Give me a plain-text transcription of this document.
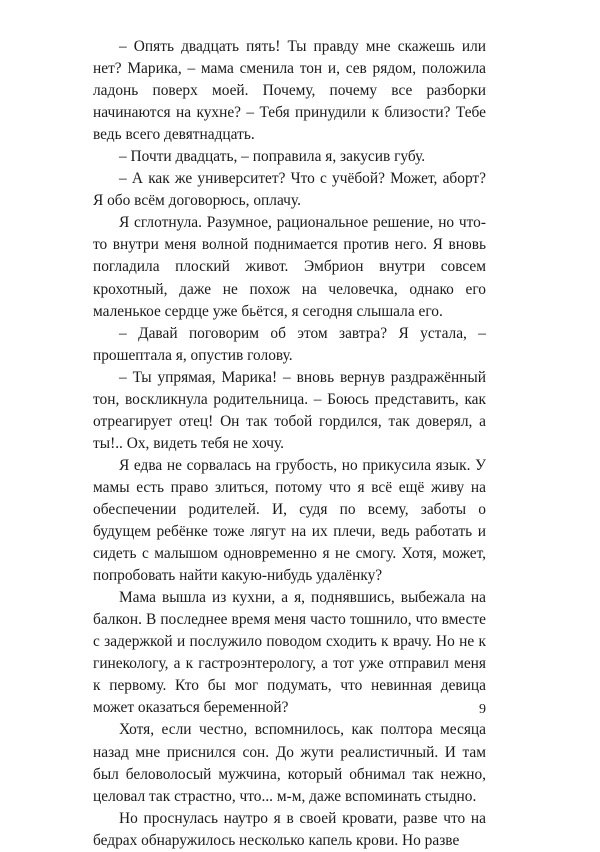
– Опять двадцать пять! Ты правду мне скажешь или нет? Марика, – мама сменила тон и, сев рядом, положила ладонь поверх моей. Почему, почему все разборки начинаются на кухне? – Тебя принудили к близости? Тебе ведь всего девятнадцать.

– Почти двадцать, – поправила я, закусив губу.

– А как же университет? Что с учёбой? Может, аборт? Я обо всём договорюсь, оплачу.

Я сглотнула. Разумное, рациональное решение, но что-то внутри меня волной поднимается против него. Я вновь погладила плоский живот. Эмбрион внутри совсем крохотный, даже не похож на человечка, однако его маленькое сердце уже бьётся, я сегодня слышала его.

– Давай поговорим об этом завтра? Я устала, – прошептала я, опустив голову.

– Ты упрямая, Марика! – вновь вернув раздражённый тон, воскликнула родительница. – Боюсь представить, как отреагирует отец! Он так тобой гордился, так доверял, а ты!.. Ох, видеть тебя не хочу.

Я едва не сорвалась на грубость, но прикусила язык. У мамы есть право злиться, потому что я всё ещё живу на обеспечении родителей. И, судя по всему, заботы о будущем ребёнке тоже лягут на их плечи, ведь работать и сидеть с малышом одновременно я не смогу. Хотя, может, попробовать найти какую-нибудь удалёнку?

Мама вышла из кухни, а я, поднявшись, выбежала на балкон. В последнее время меня часто тошнило, что вместе с задержкой и послужило поводом сходить к врачу. Но не к гинекологу, а к гастроэнтерологу, а тот уже отправил меня к первому. Кто бы мог подумать, что невинная девица может оказаться беременной?

Хотя, если честно, вспомнилось, как полтора месяца назад мне приснился сон. До жути реалистичный. И там был беловолосый мужчина, который обнимал так нежно, целовал так страстно, что... м-м, даже вспоминать стыдно.

Но проснулась наутро я в своей кровати, разве что на бедрах обнаружилось несколько капель крови. Но разве

9
